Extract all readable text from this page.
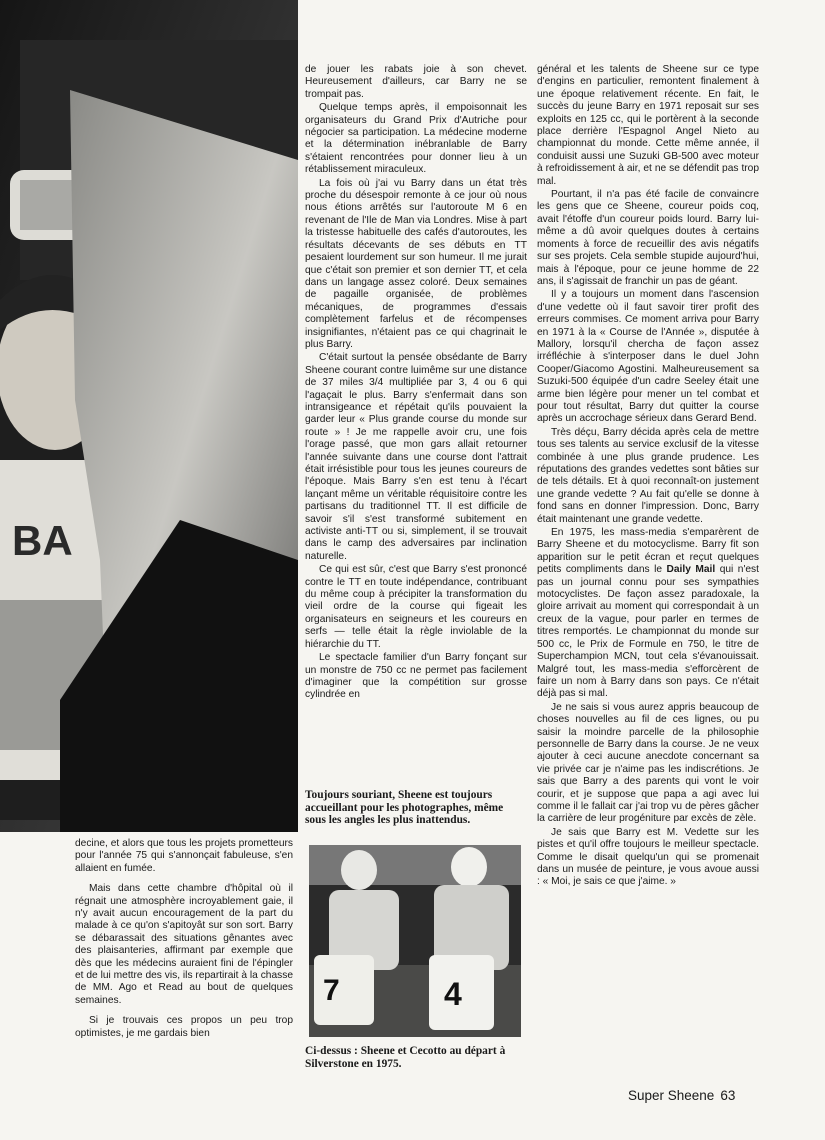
BA

de jouer les rabats joie à son chevet. Heureusement d'ailleurs, car Barry ne se trompait pas.

Quelque temps après, il empoisonnait les organisateurs du Grand Prix d'Autriche pour négocier sa participation. La médecine moderne et la détermination inébranlable de Barry s'étaient rencontrées pour donner lieu à un rétablissement miraculeux.

La fois où j'ai vu Barry dans un état très proche du désespoir remonte à ce jour où nous nous étions arrêtés sur l'autoroute M 6 en revenant de l'Ile de Man via Londres. Mise à part la tristesse habituelle des cafés d'autoroutes, les résultats décevants de ses débuts en TT pesaient lourdement sur son humeur. Il me jurait que c'était son premier et son dernier TT, et cela dans un langage assez coloré. Deux semaines de pagaille organisée, de problèmes mécaniques, de programmes d'essais complètement farfelus et de récompenses insignifiantes, n'étaient pas ce qui chagrinait le plus Barry.

C'était surtout la pensée obsédante de Barry Sheene courant contre luimême sur une distance de 37 miles 3/4 multipliée par 3, 4 ou 6 qui l'agaçait le plus. Barry s'enfermait dans son intransigeance et répétait qu'ils pouvaient la garder leur « Plus grande course du monde sur route » ! Je me rappelle avoir cru, une fois l'orage passé, que mon gars allait retourner l'année suivante dans une course dont l'attrait était irrésistible pour tous les jeunes coureurs de l'époque. Mais Barry s'en est tenu à l'écart lançant même un véritable réquisitoire contre les partisans du traditionnel TT. Il est difficile de savoir s'il s'est transformé subitement en activiste anti-TT ou si, simplement, il se trouvait dans le camp des adversaires par inclination naturelle.

Ce qui est sûr, c'est que Barry s'est prononcé contre le TT en toute indépendance, contribuant du même coup à précipiter la transformation du vieil ordre de la course qui figeait les organisateurs en seigneurs et les coureurs en serfs — telle était la règle inviolable de la hiérarchie du TT.

Le spectacle familier d'un Barry fonçant sur un monstre de 750 cc ne permet pas facilement d'imaginer que la compétition sur grosse cylindrée en

Toujours souriant, Sheene est toujours accueillant pour les photographes, même sous les angles les plus inattendus.
7	4
Ci-dessus : Sheene et Cecotto au départ à Silverstone en 1975.

général et les talents de Sheene sur ce type d'engins en particulier, remontent finalement à une époque relativement récente. En fait, le succès du jeune Barry en 1971 reposait sur ses exploits en 125 cc, qui le portèrent à la seconde place derrière l'Espagnol Angel Nieto au championnat du monde. Cette même année, il conduisit aussi une Suzuki GB-500 avec moteur à refroidissement à air, et ne se défendit pas trop mal.

Pourtant, il n'a pas été facile de convaincre les gens que ce Sheene, coureur poids coq, avait l'étoffe d'un coureur poids lourd. Barry lui-même a dû avoir quelques doutes à certains moments à force de recueillir des avis négatifs sur ses projets. Cela semble stupide aujourd'hui, mais à l'époque, pour ce jeune homme de 22 ans, il s'agissait de franchir un pas de géant.

Il y a toujours un moment dans l'ascension d'une vedette où il faut savoir tirer profit des erreurs commises. Ce moment arriva pour Barry en 1971 à la « Course de l'Année », disputée à Mallory, lorsqu'il chercha de façon assez irréfléchie à s'interposer dans le duel John Cooper/Giacomo Agostini. Malheureusement sa Suzuki-500 équipée d'un cadre Seeley était une arme bien légère pour mener un tel combat et pour tout résultat, Barry dut quitter la course après un accrochage sérieux dans Gerard Bend.

Très déçu, Barry décida après cela de mettre tous ses talents au service exclusif de la vitesse combinée à une plus grande prudence. Les réputations des grandes vedettes sont bâties sur de tels détails. Et à quoi reconnaît-on justement une grande vedette ? Au fait qu'elle se donne à fond sans en donner l'impression. Donc, Barry était maintenant une grande vedette.

En 1975, les mass-media s'emparèrent de Barry Sheene et du motocyclisme. Barry fit son apparition sur le petit écran et reçut quelques petits compliments dans le Daily Mail qui n'est pas un journal connu pour ses sympathies motocyclistes. De façon assez paradoxale, la gloire arrivait au moment qui correspondait à un creux de la vague, pour parler en termes de titres remportés. Le championnat du monde sur 500 cc, le Prix de Formule en 750, le titre de Superchampion MCN, tout cela s'évanouissait. Malgré tout, les mass-media s'efforcèrent de faire un nom à Barry dans son pays. Ce n'était déjà pas si mal.

Je ne sais si vous aurez appris beaucoup de choses nouvelles au fil de ces lignes, ou pu saisir la moindre parcelle de la philosophie personnelle de Barry dans la course. Je ne veux ajouter à ceci aucune anecdote concernant sa vie privée car je n'aime pas les indiscrétions. Je sais que Barry a des parents qui vont le voir courir, et je suppose que papa a agi avec lui comme il le fallait car j'ai trop vu de pères gâcher la carrière de leur progéniture par excès de zèle.

Je sais que Barry est M. Vedette sur les pistes et qu'il offre toujours le meilleur spectacle. Comme le disait quelqu'un qui se promenait dans un musée de peinture, je vous avoue aussi : « Moi, je sais ce que j'aime. »

decine, et alors que tous les projets prometteurs pour l'année 75 qui s'annonçait fabuleuse, s'en allaient en fumée.

Mais dans cette chambre d'hôpital où il régnait une atmosphère incroyablement gaie, il n'y avait aucun encouragement de la part du malade à ce qu'on s'apitoyât sur son sort. Barry se débarassait des situations gênantes avec des plaisanteries, affirmant par exemple que dès que les médecins auraient fini de l'épingler et de lui mettre des vis, ils repartirait à la chasse de MM. Ago et Read au bout de quelques semaines.

Si je trouvais ces propos un peu trop optimistes, je me gardais bien

Super Sheene 63
